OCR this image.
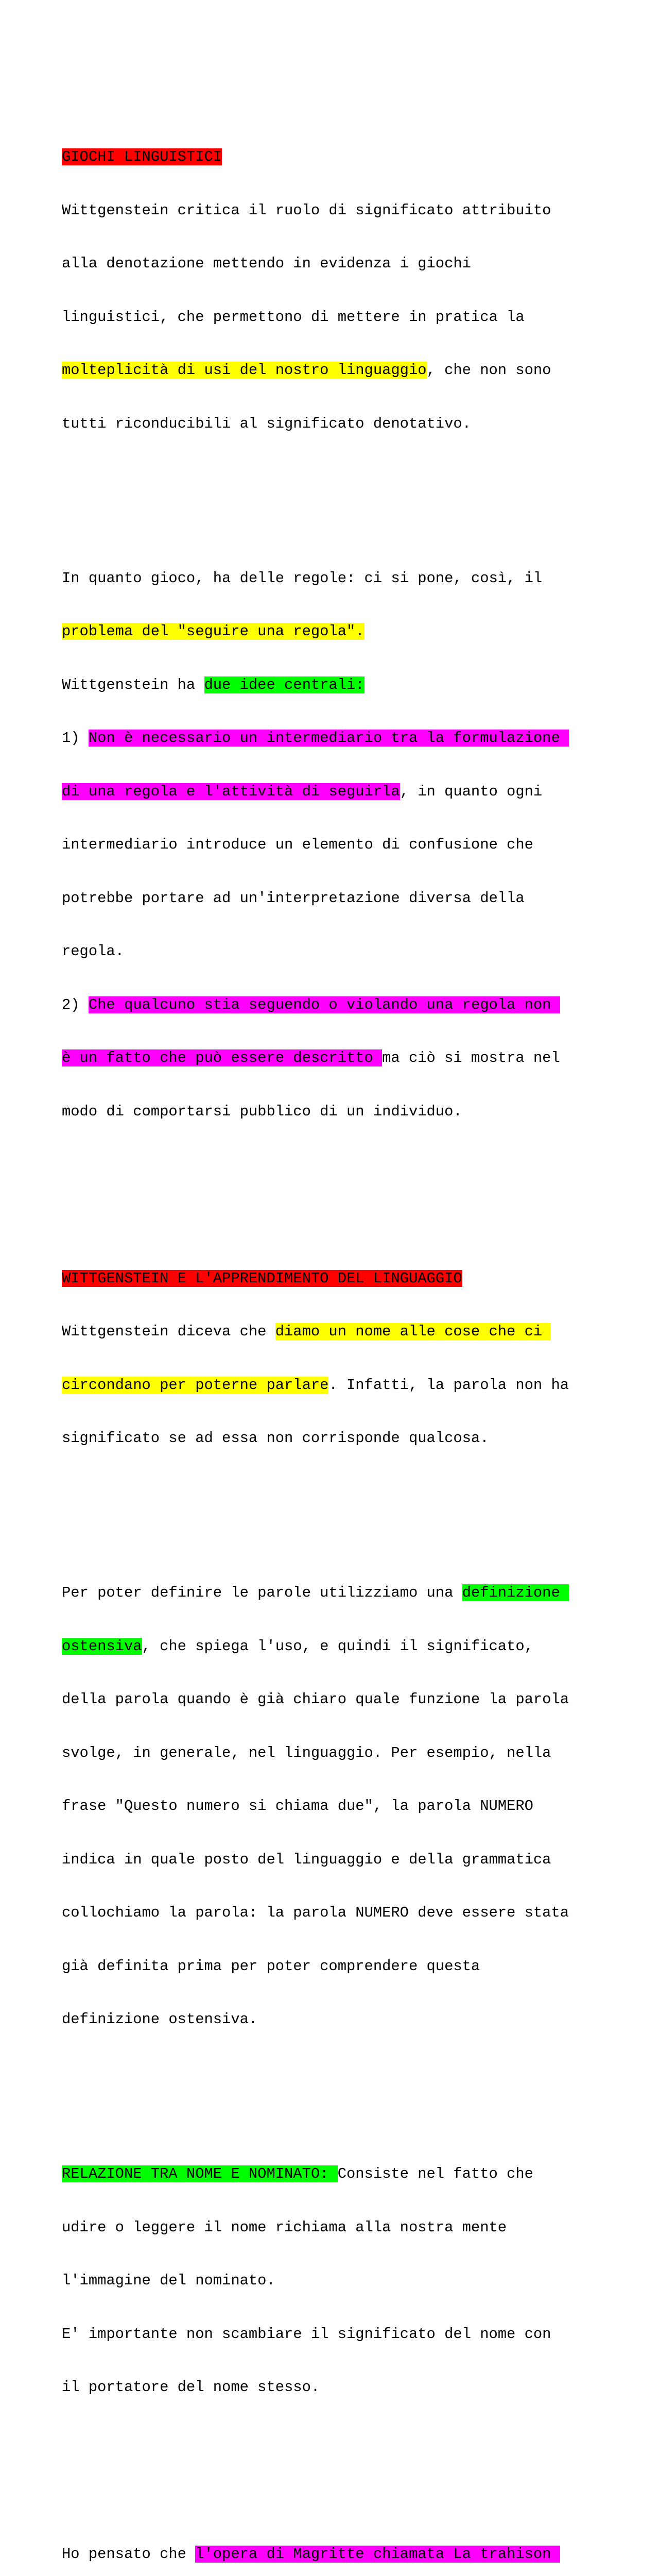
GIOCHI LINGUISTICI

Wittgenstein critica il ruolo di significato attribuito

alla denotazione mettendo in evidenza i giochi

linguistici, che permettono di mettere in pratica la

molteplicità di usi del nostro linguaggio, che non sono

tutti riconducibili al significato denotativo.

In quanto gioco, ha delle regole: ci si pone, così, il

problema del "seguire una regola".

Wittgenstein ha due idee centrali:

1) Non è necessario un intermediario tra la formulazione

di una regola e l'attività di seguirla, in quanto ogni

intermediario introduce un elemento di confusione che

potrebbe portare ad un'interpretazione diversa della

regola.

2) Che qualcuno stia seguendo o violando una regola non

è un fatto che può essere descritto ma ciò si mostra nel

modo di comportarsi pubblico di un individuo.

WITTGENSTEIN E L'APPRENDIMENTO DEL LINGUAGGIO

Wittgenstein diceva che diamo un nome alle cose che ci

circondano per poterne parlare. Infatti, la parola non ha

significato se ad essa non corrisponde qualcosa.

Per poter definire le parole utilizziamo una definizione

ostensiva, che spiega l'uso, e quindi il significato,

della parola quando è già chiaro quale funzione la parola

svolge, in generale, nel linguaggio. Per esempio, nella

frase "Questo numero si chiama due", la parola NUMERO

indica in quale posto del linguaggio e della grammatica

collochiamo la parola: la parola NUMERO deve essere stata

già definita prima per poter comprendere questa

definizione ostensiva.

RELAZIONE TRA NOME E NOMINATO: Consiste nel fatto che

udire o leggere il nome richiama alla nostra mente

l'immagine del nominato.

E' importante non scambiare il significato del nome con

il portatore del nome stesso.

Ho pensato che l'opera di Magritte chiamata La trahison
